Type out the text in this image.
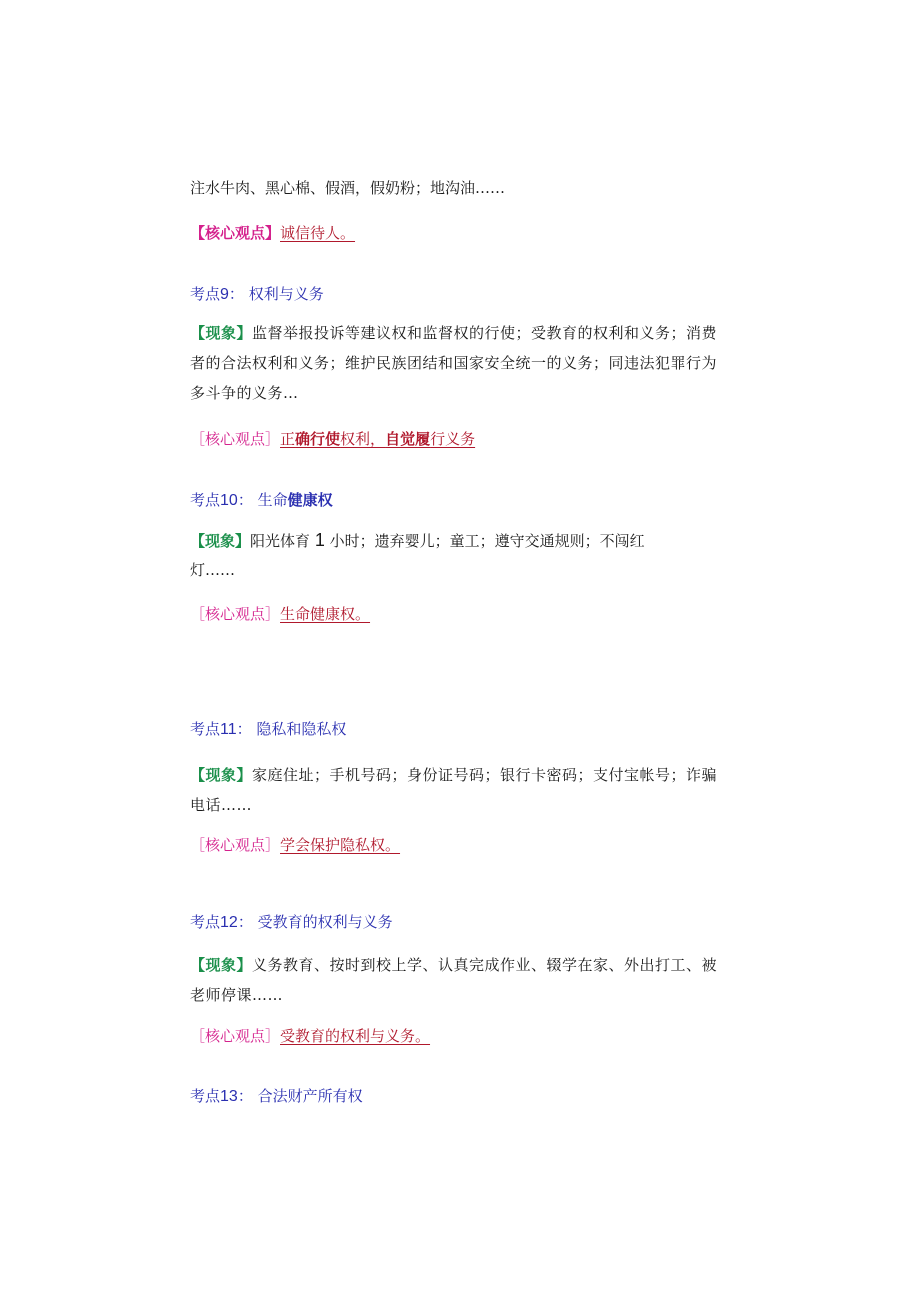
注水牛肉、黑心棉、假酒，假奶粉；地沟油……
【核心观点】诚信待人。
考点9： 权利与义务
【现象】监督举报投诉等建议权和监督权的行使；受教育的权利和义务；消费者的合法权利和义务；维护民族团结和国家安全统一的义务；同违法犯罪行为多斗争的义务…
［核心观点］正确行使权利，自觉履行义务
考点10： 生命健康权
【现象】阳光体育 1 小时；遗弃婴儿；童工；遵守交通规则；不闯红
灯……
［核心观点］生命健康权。
考点11： 隐私和隐私权
【现象】家庭住址；手机号码；身份证号码；银行卡密码；支付宝帐号；诈骗电话……
［核心观点］学会保护隐私权。
考点12： 受教育的权利与义务
【现象】义务教育、按时到校上学、认真完成作业、辍学在家、外出打工、被老师停课……
［核心观点］受教育的权利与义务。
考点13： 合法财产所有权
